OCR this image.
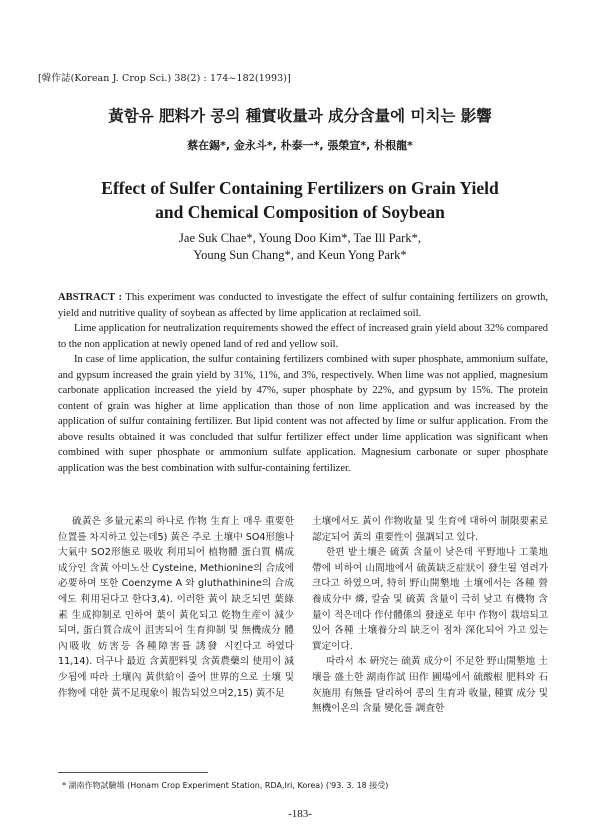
[韓作誌(Korean J. Crop Sci.) 38(2) : 174~182(1993)]
黃함유 肥料가 콩의 種實收量과 成分含量에 미치는 影響
蔡在錫*, 金永斗*, 朴泰一*, 張榮宣*, 朴根龍*
Effect of Sulfer Containing Fertilizers on Grain Yield
and Chemical Composition of Soybean
Jae Suk Chae*, Young Doo Kim*, Tae Ill Park*,
Young Sun Chang*, and Keun Yong Park*

ABSTRACT : This experiment was conducted to investigate the effect of sulfur containing fertilizers on growth, yield and nutritive quality of soybean as affected by lime application at reclaimed soil.

Lime application for neutralization requirements showed the effect of increased grain yield about 32% compared to the non application at newly opened land of red and yellow soil.

In case of lime application, the sulfur containing fertilizers combined with super phosphate, ammonium sulfate, and gypsum increased the grain yield by 31%, 11%, and 3%, respectively. When lime was not applied, magnesium carbonate application increased the yield by 47%, super phosphate by 22%, and gypsum by 15%. The protein content of grain was higher at lime application than those of non lime application and was increased by the application of sulfur containing fertilizer. But lipid content was not affected by lime or sulfur application. From the above results obtained it was concluded that sulfur fertilizer effect under lime application was significant when combined with super phosphate or ammonium sulfate application. Magnesium carbonate or super phosphate application was the best combination with sulfur-containing fertilizer.

硫黃은 多量元素의 하나로 作物 生育上 매우 重要한 位置를 차지하고 있는데5) 黃은 주로 土壤中 SO4形態나 大氣中 SO2形態로 吸收 利用되어 植物體 蛋白質 構成 成分인 含黃 아미노산 Cysteine, Methionine의 合成에 必要하며 또한 Coenzyme A 와 gluthathinine의 合成에도 利用된다고 한다3,4). 이러한 黃이 缺乏되면 葉綠素 生成抑制로 인하여 葉이 黃化되고 乾物生産이 減少되며, 蛋白質合成이 沮害되어 生育抑制 및 無機成分 體內吸收 妨害등 各種障害를 誘發 시킨다고 하였다11,14). 더구나 最近 含黃肥料및 含黃農藥의 使用이 減少됨에 따라 土壤內 黃供給이 줄어 世界的으로 土壤 및 作物에 대한 黃不足現象이 報告되었으며2,15) 黃不足

土壤에서도 黃이 作物收量 및 生育에 대하여 制限要素로 認定되어 黃의 重要性이 强調되고 있다.

한편 밭土壤은 硫黃 含量이 낮은데 平野地나 工業地帶에 비하여 山間地에서 硫黃缺乏症狀이 發生될 염려가 크다고 하였으며, 特히 野山開墾地 土壤에서는 各種 營養成分中 燐, 칼슘 및 硫黃 含量이 극히 낮고 有機物 含量이 적은데다 作付體係의 發達로 年中 作物이 栽培되고 있어 各種 土壤養分의 缺乏이 점차 深化되어 가고 있는 實定이다.

따라서 本 硏究는 硫黃 成分이 不足한 野山開墾地 土壤을 盛土한 湖南作試 田作 圃場에서 硫酸根 肥料와 石灰施用 有無를 달리하여 콩의 生育과 收量, 種實 成分 및 無機이온의 含量 變化를 調査한

* 湖南作物試驗場 (Honam Crop Experiment Station, RDA,Iri, Korea) ('93. 3. 18 接受)
-183-
